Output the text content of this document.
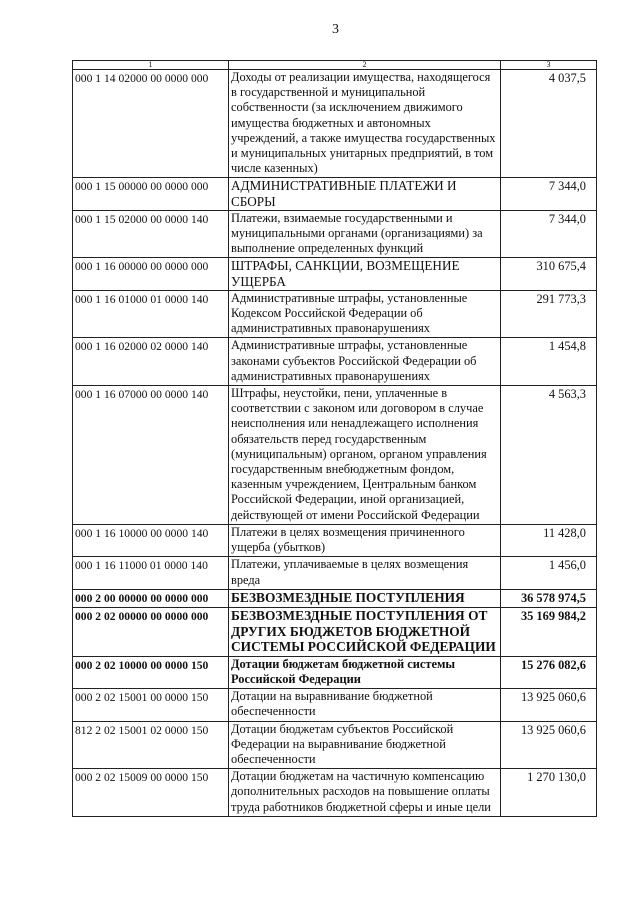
3
1	2	3
000 1 14 02000 00 0000 000	Доходы от реализации имущества, находящегося в государственной и муниципальной собственности (за исключением движимого имущества бюджетных и автономных учреждений, а также имущества государственных и муниципальных унитарных предприятий, в том числе казенных)	4 037,5
000 1 15 00000 00 0000 000	АДМИНИСТРАТИВНЫЕ ПЛАТЕЖИ И СБОРЫ	7 344,0
000 1 15 02000 00 0000 140	Платежи, взимаемые государственными и муниципальными органами (организациями) за выполнение определенных функций	7 344,0
000 1 16 00000 00 0000 000	ШТРАФЫ, САНКЦИИ, ВОЗМЕЩЕНИЕ УЩЕРБА	310 675,4
000 1 16 01000 01 0000 140	Административные штрафы, установленные Кодексом Российской Федерации об административных правонарушениях	291 773,3
000 1 16 02000 02 0000 140	Административные штрафы, установленные законами субъектов Российской Федерации об административных правонарушениях	1 454,8
000 1 16 07000 00 0000 140	Штрафы, неустойки, пени, уплаченные в соответствии с законом или договором в случае неисполнения или ненадлежащего исполнения обязательств перед государственным (муниципальным) органом, органом управления государственным внебюджетным фондом, казенным учреждением, Центральным банком Российской Федерации, иной организацией, действующей от имени Российской Федерации	4 563,3
000 1 16 10000 00 0000 140	Платежи в целях возмещения причиненного ущерба (убытков)	11 428,0
000 1 16 11000 01 0000 140	Платежи, уплачиваемые в целях возмещения вреда	1 456,0
000 2 00 00000 00 0000 000	БЕЗВОЗМЕЗДНЫЕ ПОСТУПЛЕНИЯ	36 578 974,5
000 2 02 00000 00 0000 000	БЕЗВОЗМЕЗДНЫЕ ПОСТУПЛЕНИЯ ОТ ДРУГИХ БЮДЖЕТОВ БЮДЖЕТНОЙ СИСТЕМЫ РОССИЙСКОЙ ФЕДЕРАЦИИ	35 169 984,2
000 2 02 10000 00 0000 150	Дотации бюджетам бюджетной системы Российской Федерации	15 276 082,6
000 2 02 15001 00 0000 150	Дотации на выравнивание бюджетной обеспеченности	13 925 060,6
812 2 02 15001 02 0000 150	Дотации бюджетам субъектов Российской Федерации на выравнивание бюджетной обеспеченности	13 925 060,6
000 2 02 15009 00 0000 150	Дотации бюджетам на частичную компенсацию дополнительных расходов на повышение оплаты труда работников бюджетной сферы и иные цели	1 270 130,0
